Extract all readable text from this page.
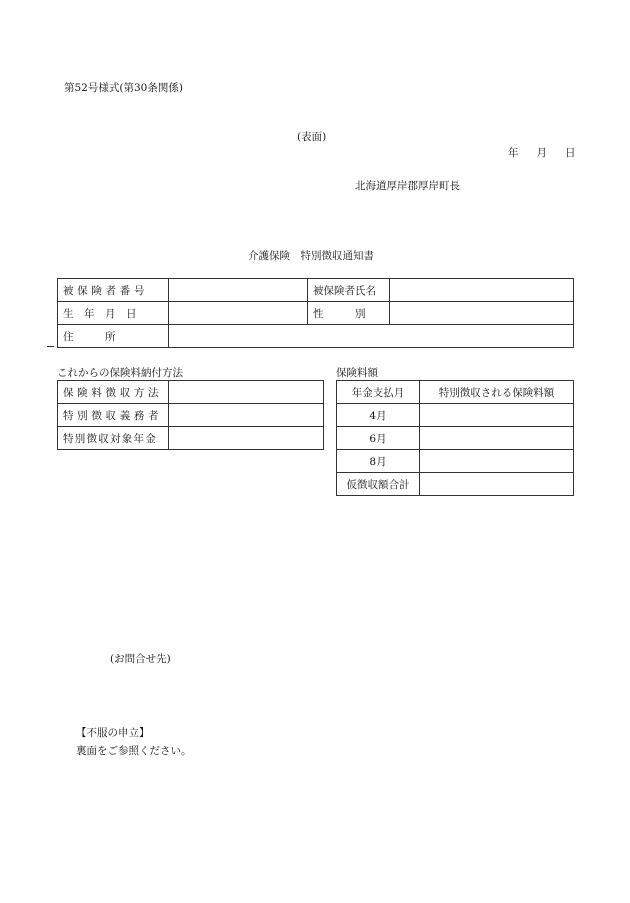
第52号様式(第30条関係)
(表面)
年 月 日
北海道厚岸郡厚岸町長
介護保険　特別徴収通知書
被保険者番号		被保険者氏名	
生　年　月　日		性　　　別	
住　　　所			
これからの保険料納付方法
保険料徴収方法	
特別徴収義務者	
特別徴収対象年金	
保険料額
年金支払月	特別徴収される保険料額
4月	
6月	
8月	
仮徴収額合計	
(お問合せ先)
【不服の申立】
裏面をご参照ください。
